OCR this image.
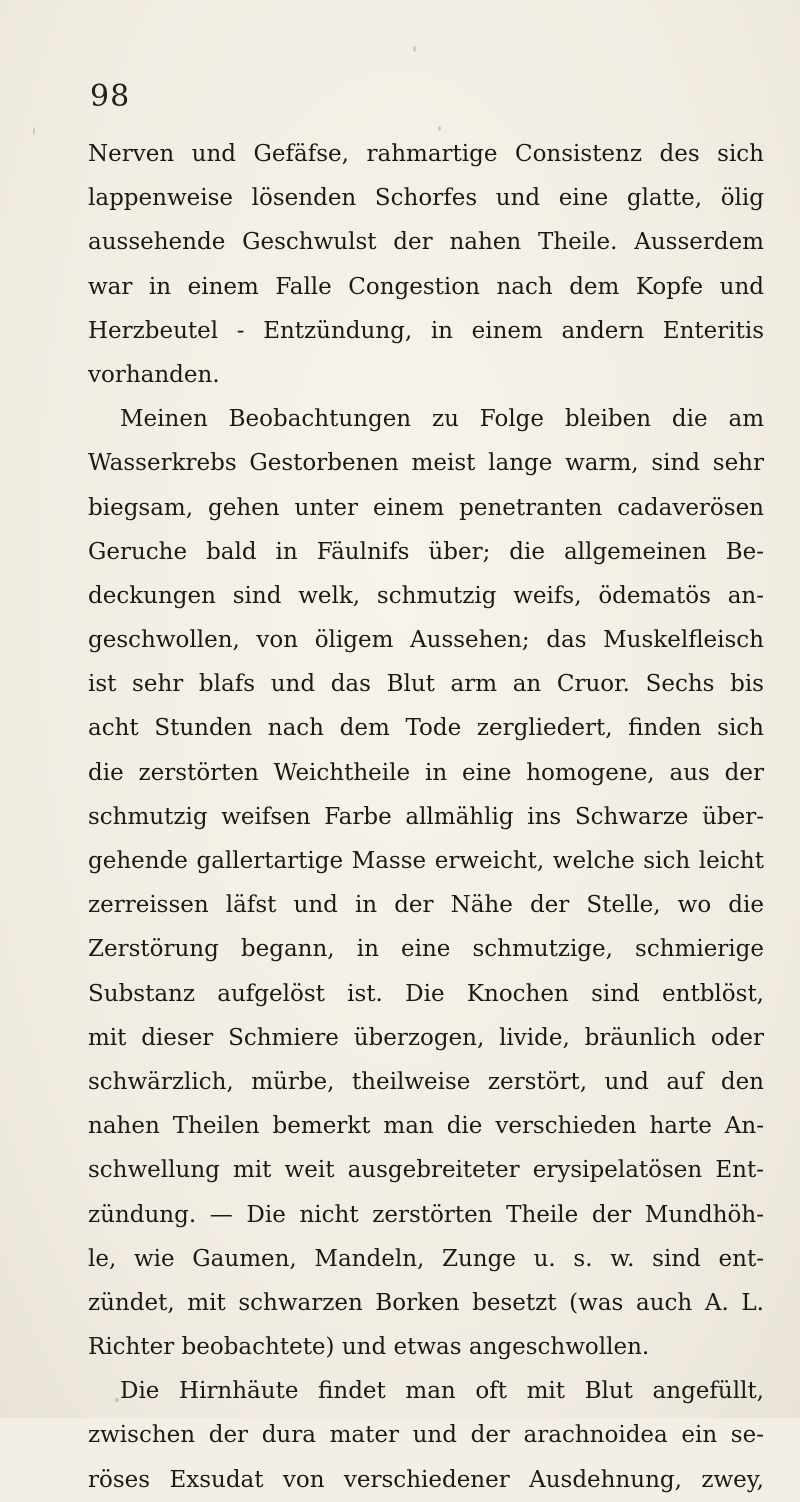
98
Nerven und Gefäfse, rahmartige Consistenz des sich
lappenweise lösenden Schorfes und eine glatte, ölig
aussehende Geschwulst der nahen Theile. Ausserdem
war in einem Falle Congestion nach dem Kopfe und
Herzbeutel - Entzündung, in einem andern Enteritis
vorhanden.
Meinen Beobachtungen zu Folge bleiben die am
Wasserkrebs Gestorbenen meist lange warm, sind sehr
biegsam, gehen unter einem penetranten cadaverösen
Geruche bald in Fäulnifs über; die allgemeinen Be-
deckungen sind welk, schmutzig weifs, ödematös an-
geschwollen, von öligem Aussehen; das Muskelfleisch
ist sehr blafs und das Blut arm an Cruor. Sechs bis
acht Stunden nach dem Tode zergliedert, finden sich
die zerstörten Weichtheile in eine homogene, aus der
schmutzig weifsen Farbe allmählig ins Schwarze über-
gehende gallertartige Masse erweicht, welche sich leicht
zerreissen läfst und in der Nähe der Stelle, wo die
Zerstörung begann, in eine schmutzige, schmierige
Substanz aufgelöst ist. Die Knochen sind entblöst,
mit dieser Schmiere überzogen, livide, bräunlich oder
schwärzlich, mürbe, theilweise zerstört, und auf den
nahen Theilen bemerkt man die verschieden harte An-
schwellung mit weit ausgebreiteter erysipelatösen Ent-
zündung. — Die nicht zerstörten Theile der Mundhöh-
le, wie Gaumen, Mandeln, Zunge u. s. w. sind ent-
zündet, mit schwarzen Borken besetzt (was auch A. L.
Richter beobachtete) und etwas angeschwollen.
Die Hirnhäute findet man oft mit Blut angefüllt,
zwischen der dura mater und der arachnoidea ein se-
röses Exsudat von verschiedener Ausdehnung, zwey,
